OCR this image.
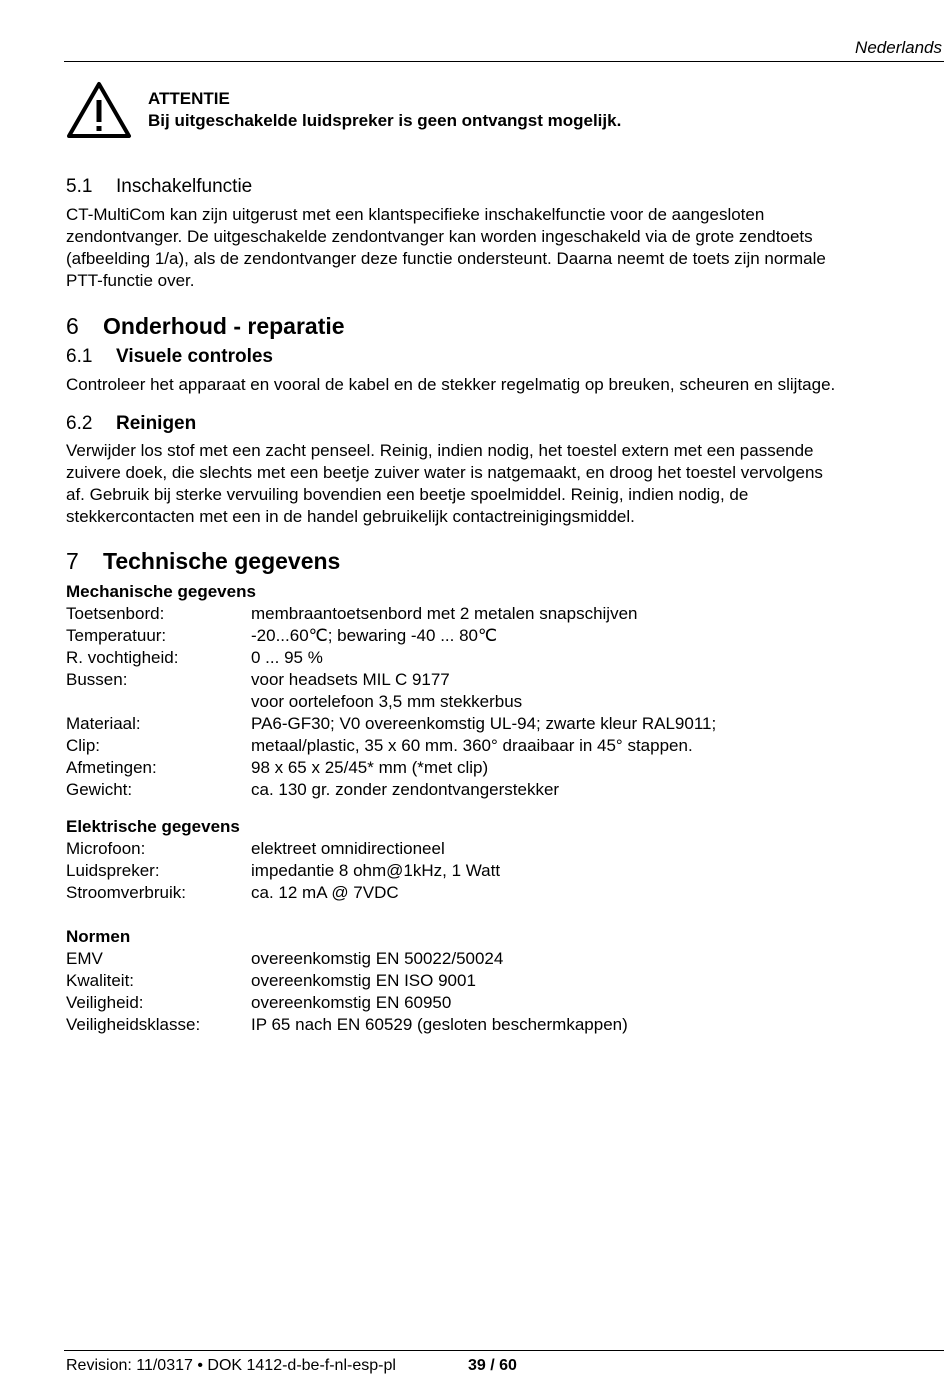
Nederlands
ATTENTIE
Bij uitgeschakelde luidspreker is geen ontvangst mogelijk.
5.1 Inschakelfunctie

CT-MultiCom kan zijn uitgerust met een klantspecifieke inschakelfunctie voor de aangesloten
zendontvanger. De uitgeschakelde zendontvanger kan worden ingeschakeld via de grote zendtoets
(afbeelding 1/a), als de zendontvanger deze functie ondersteunt. Daarna neemt de toets zijn normale
PTT-functie over.

6 Onderhoud - reparatie
6.1 Visuele controles

Controleer het apparaat en vooral de kabel en de stekker regelmatig op breuken, scheuren en slijtage.

6.2 Reinigen

Verwijder los stof met een zacht penseel. Reinig, indien nodig, het toestel extern met een passende
zuivere doek, die slechts met een beetje zuiver water is natgemaakt, en droog het toestel vervolgens
af. Gebruik bij sterke vervuiling bovendien een beetje spoelmiddel. Reinig, indien nodig, de
stekkercontacten met een in de handel gebruikelijk contactreinigingsmiddel.

7 Technische gegevens
Mechanische gegevens
Toetsenbord:	membraantoetsenbord met 2 metalen snapschijven
Temperatuur:	-20...60℃; bewaring -40 ... 80℃
R. vochtigheid:	0 ... 95 %
Bussen:	voor headsets MIL C 9177
voor oortelefoon 3,5 mm stekkerbus
Materiaal:	PA6-GF30; V0 overeenkomstig UL-94; zwarte kleur RAL9011;
Clip:	metaal/plastic, 35 x 60 mm. 360° draaibaar in 45° stappen.
Afmetingen:	98 x 65 x 25/45* mm (*met clip)
Gewicht:	ca. 130 gr. zonder zendontvangerstekker
Elektrische gegevens
Microfoon:	elektreet omnidirectioneel
Luidspreker:	impedantie 8 ohm@1kHz, 1 Watt
Stroomverbruik:	ca. 12 mA @ 7VDC
Normen
EMV	overeenkomstig EN 50022/50024
Kwaliteit:	overeenkomstig EN ISO 9001
Veiligheid:	overeenkomstig EN 60950
Veiligheidsklasse:	IP 65 nach EN 60529 (gesloten beschermkappen)
Revision: 11/0317 • DOK 1412-d-be-f-nl-esp-pl	39 / 60
